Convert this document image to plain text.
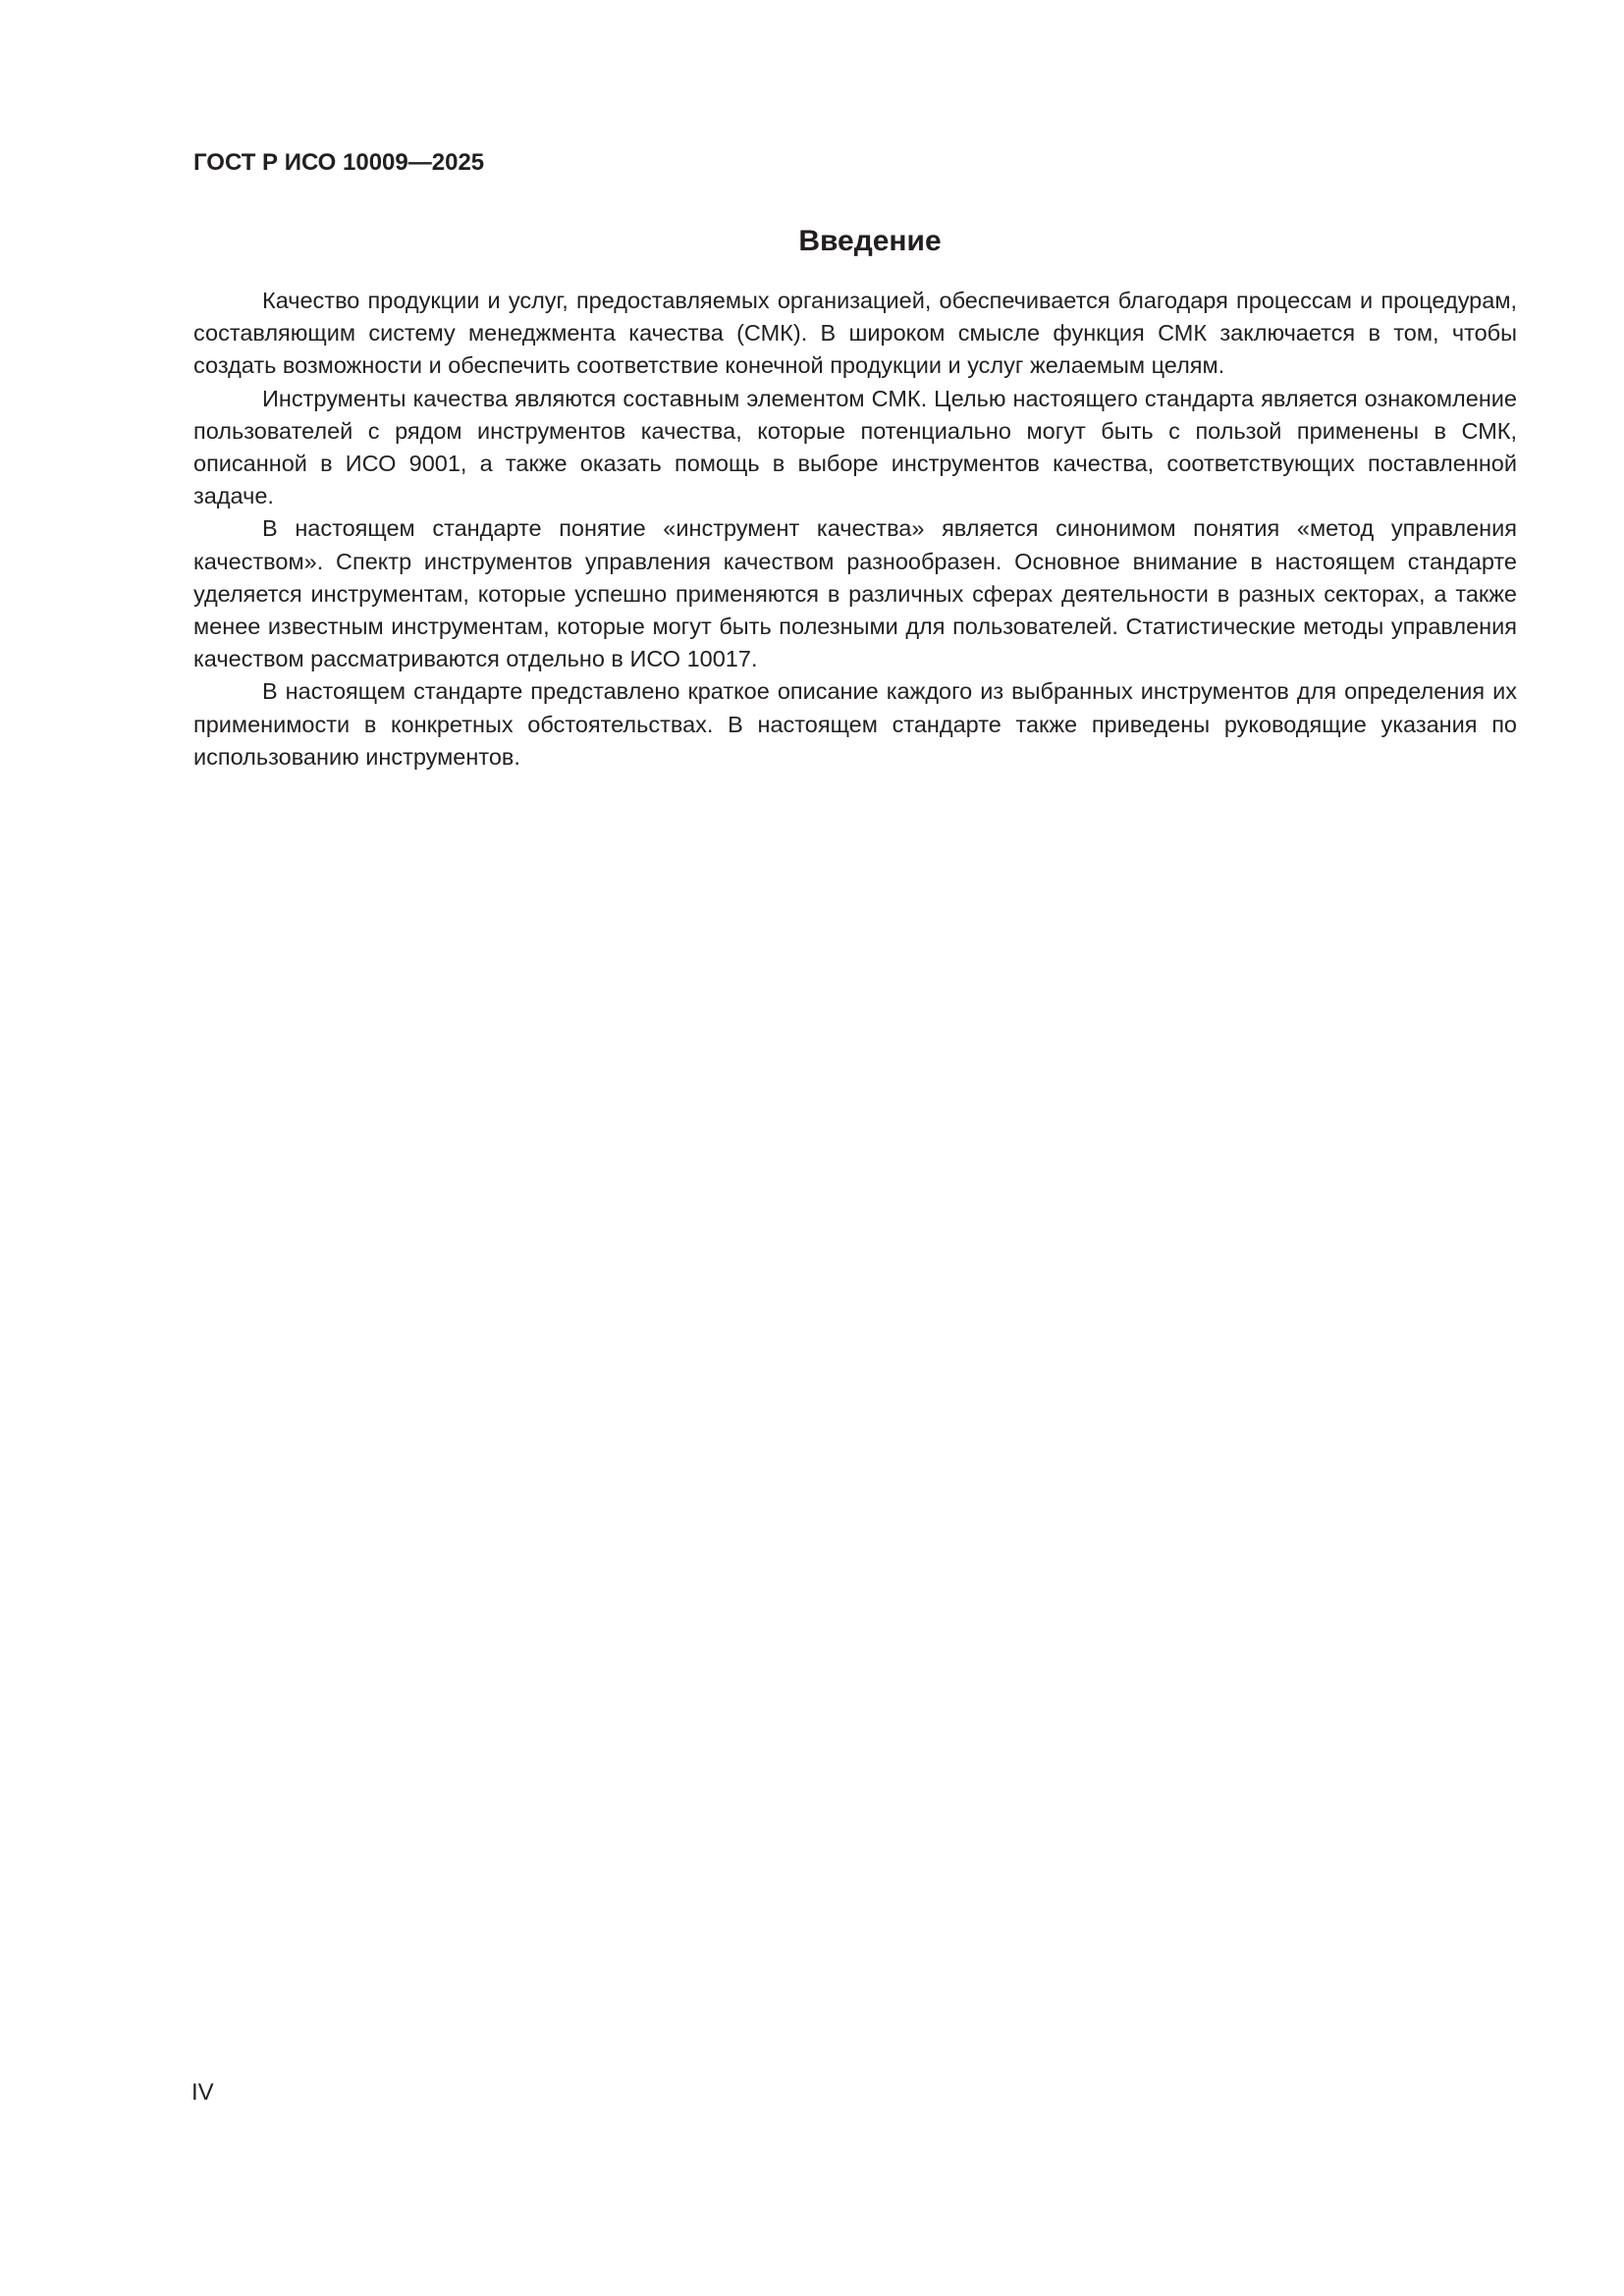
ГОСТ Р ИСО 10009—2025
Введение

Качество продукции и услуг, предоставляемых организацией, обеспечивается благодаря процессам и процедурам, составляющим систему менеджмента качества (СМК). В широком смысле функция СМК заключается в том, чтобы создать возможности и обеспечить соответствие конечной продукции и услуг желаемым целям.

Инструменты качества являются составным элементом СМК. Целью настоящего стандарта является ознакомление пользователей с рядом инструментов качества, которые потенциально могут быть с пользой применены в СМК, описанной в ИСО 9001, а также оказать помощь в выборе инструментов качества, соответствующих поставленной задаче.

В настоящем стандарте понятие «инструмент качества» является синонимом понятия «метод управления качеством». Спектр инструментов управления качеством разнообразен. Основное внимание в настоящем стандарте уделяется инструментам, которые успешно применяются в различных сферах деятельности в разных секторах, а также менее известным инструментам, которые могут быть полезными для пользователей. Статистические методы управления качеством рассматриваются отдельно в ИСО 10017.

В настоящем стандарте представлено краткое описание каждого из выбранных инструментов для определения их применимости в конкретных обстоятельствах. В настоящем стандарте также приведены руководящие указания по использованию инструментов.

IV
